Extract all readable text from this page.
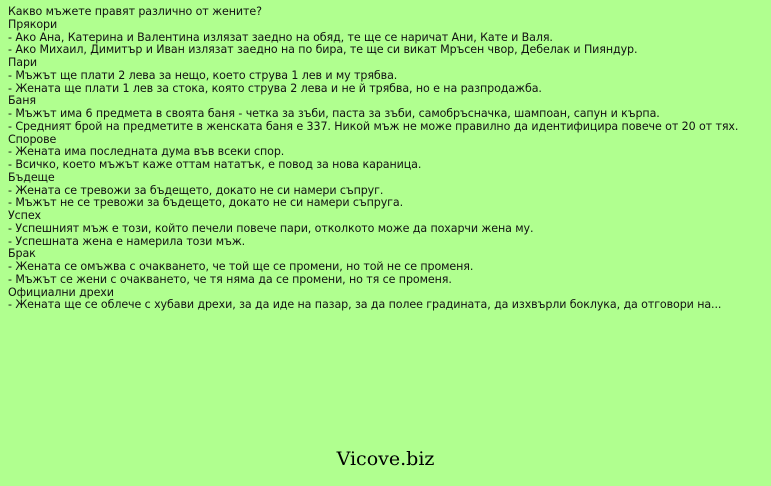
Какво мъжете правят различно от жените?
Прякори
- Ако Ана, Катерина и Валентина излязат заедно на обяд, те ще се наричат Ани, Кате и Валя.
- Ако Михаил, Димитър и Иван излязат заедно на по бира, те ще си викат Мръсен чвор, Дебелак и Пияндур.
Пари
- Мъжът ще плати 2 лева за нещо, което струва 1 лев и му трябва.
- Жената ще плати 1 лев за стока, която струва 2 лева и не й трябва, но е на разпродажба.
Баня
- Мъжът има 6 предмета в своята баня - четка за зъби, паста за зъби, самобръсначка, шампоан, сапун и кърпа.
- Средният брой на предметите в женската баня е 337. Никой мъж не може правилно да идентифицира повече от 20 от тях.
Спорове
- Жената има последната дума във всеки спор.
- Всичко, което мъжът каже оттам нататък, е повод за нова караница.
Бъдеще
- Жената се тревожи за бъдещето, докато не си намери съпруг.
- Мъжът не се тревожи за бъдещето, докато не си намери съпруга.
Успех
- Успешният мъж е този, който печели повече пари, отколкото може да похарчи жена му.
- Успешната жена е намерила този мъж.
Брак
- Жената се омъжва с очакването, че той ще се промени, но той не се променя.
- Мъжът се жени с очакването, че тя няма да се промени, но тя се променя.
Официални дрехи
- Жената ще се облече с хубави дрехи, за да иде на пазар, за да полее градината, да изхвърли боклука, да отговори на...
Vicove.biz
